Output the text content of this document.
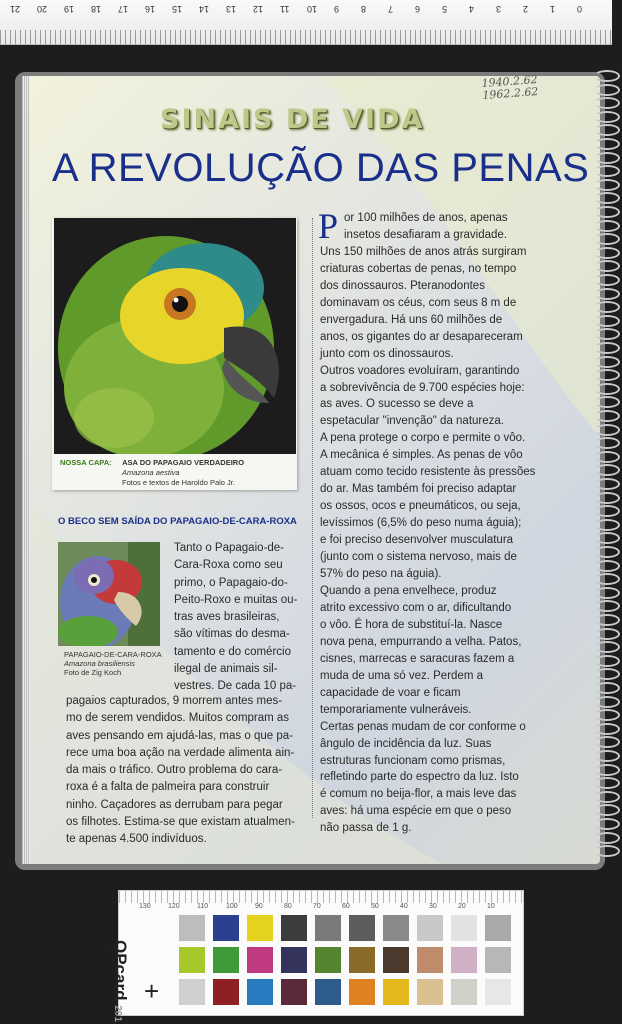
21 20 19 18 17 16 15 14 13 12 11 10 9 8 7 6 5 4 3 2 1 0
1940.2.62
1962.2.62
SINAIS DE VIDA
A REVOLUÇÃO DAS PENAS
NOSSA CAPA: ASA DO PAPAGAIO VERDADEIRO
Amazona aestiva
Fotos e textos de Haroldo Palo Jr.
O BECO SEM SAÍDA DO PAPAGAIO-DE-CARA-ROXA
PAPAGAIO-DE-CARA-ROXA
Amazona brasiliensis
Foto de Zig Koch
Tanto o Papagaio-de-
Cara-Roxa como seu
primo, o Papagaio-do-
Peito-Roxo e muitas ou-
tras aves brasileiras,
são vítimas do desma-
tamento e do comércio
ilegal de animais sil-
vestres. De cada 10 pa-
pagaios capturados, 9 morrem antes mes-
mo de serem vendidos. Muitos compram as
aves pensando em ajudá-las, mas o que pa-
rece uma boa ação na verdade alimenta ain-
da mais o tráfico. Outro problema do cara-
roxa é a falta de palmeira para construir
ninho. Caçadores as derrubam para pegar
os filhotes. Estima-se que existam atualmen-
te apenas 4.500 indivíduos.
P or 100 milhões de anos, apenas
insetos desafiaram a gravidade.
Uns 150 milhões de anos atrás surgiram
criaturas cobertas de penas, no tempo
dos dinossauros. Pteranodontes
dominavam os céus, com seus 8 m de
envergadura. Há uns 60 milhões de
anos, os gigantes do ar desapareceram
junto com os dinossauros.
Outros voadores evoluíram, garantindo
a sobrevivência de 9.700 espécies hoje:
as aves. O sucesso se deve a
espetacular "invenção" da natureza.
A pena protege o corpo e permite o vôo.
A mecânica é simples. As penas de vôo
atuam como tecido resistente às pressões
do ar. Mas também foi preciso adaptar
os ossos, ocos e pneumáticos, ou seja,
levíssimos (6,5% do peso numa águia);
e foi preciso desenvolver musculatura
(junto com o sistema nervoso, mais de
57% do peso na águia).
Quando a pena envelhece, produz
atrito excessivo com o ar, dificultando
o vôo. É hora de substituí-la. Nasce
nova pena, empurrando a velha. Patos,
cisnes, marrecas e saracuras fazem a
muda de uma só vez. Perdem a
capacidade de voar e ficam
temporariamente vulneráveis.
Certas penas mudam de cor conforme o
ângulo de incidência da luz. Suas
estruturas funcionam como prismas,
refletindo parte do espectro da luz. Isto
é comum no beija-flor, a mais leve das
aves: há uma espécie em que o peso
não passa de 1 g.
130 120 110	100 90	80	70	60	50	40	30	20	10
QPcard 201
+
